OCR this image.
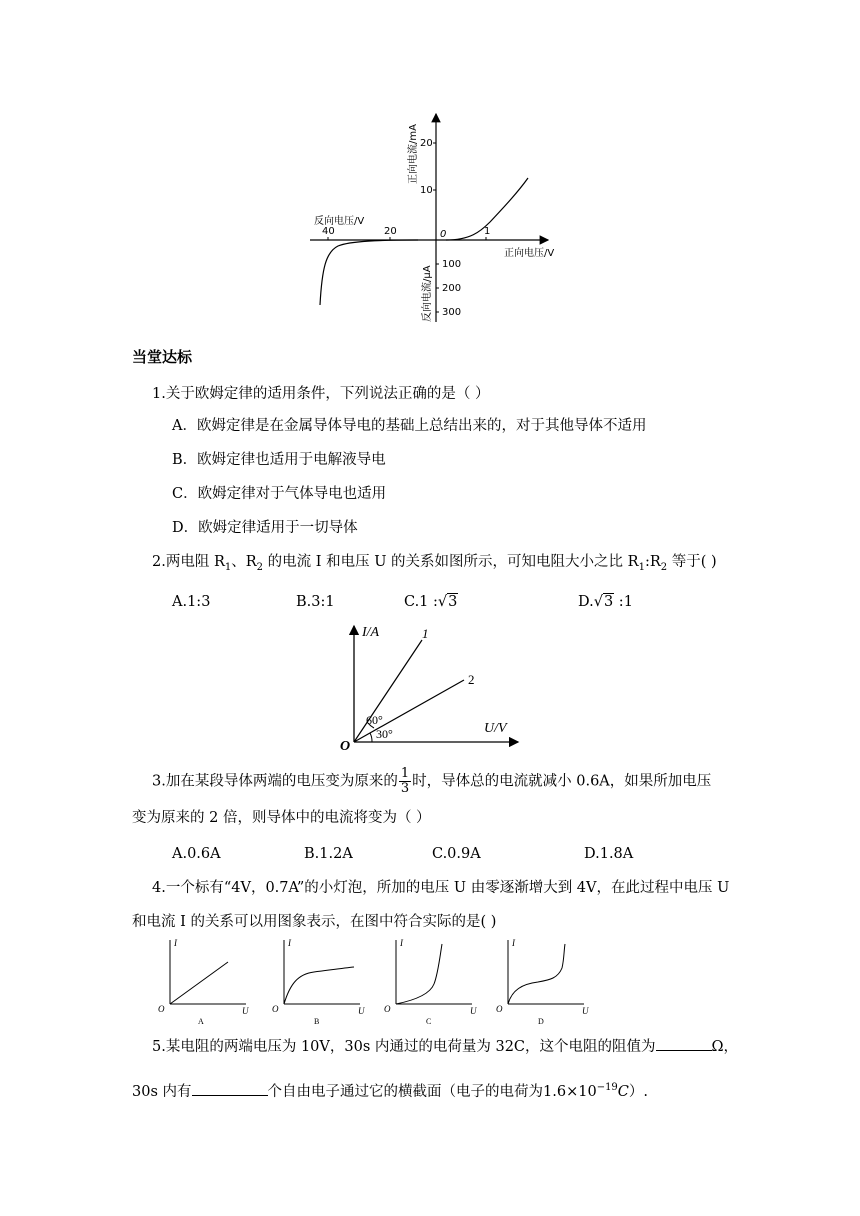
正向电流/mA
反向电流/μA
正向电压/V
反向电压/V
0
40	20	1
20
10
100
200
300
当堂达标
1.关于欧姆定律的适用条件，下列说法正确的是（ ）
A．欧姆定律是在金属导体导电的基础上总结出来的，对于其他导体不适用
B．欧姆定律也适用于电解液导电
C．欧姆定律对于气体导电也适用
D．欧姆定律适用于一切导体
2.两电阻 $R_1$、$R_2$ 的电流 I 和电压 U 的关系如图所示，可知电阻大小之比 $R_1:R_2$ 等于( )
A.1:3	B.3:1	C.1 :√3	D.√3 :1
I/A
U/V
O
1
2
60°
30°
3.加在某段导体两端的电压变为原来的 $\frac{1}{3}$ 时，导体总的电流就减小 0.6A，如果所加电压
变为原来的 2 倍，则导体中的电流将变为（ ）
A.0.6A	B.1.2A	C.0.9A	D.1.8A
4.一个标有“4V，0.7A”的小灯泡，所加的电压 U 由零逐渐增大到 4V，在此过程中电压 U
和电流 I 的关系可以用图象表示，在图中符合实际的是( )
I
U
O
A
I
U
O
B
I
U
O
C
I
U
O
D
5.某电阻的两端电压为 10V，30s 内通过的电荷量为 32C，这个电阻的阻值为	Ω，
30s 内有	个自由电子通过它的横截面（电子的电荷为$1.6\times 10^{-19}C$）.
